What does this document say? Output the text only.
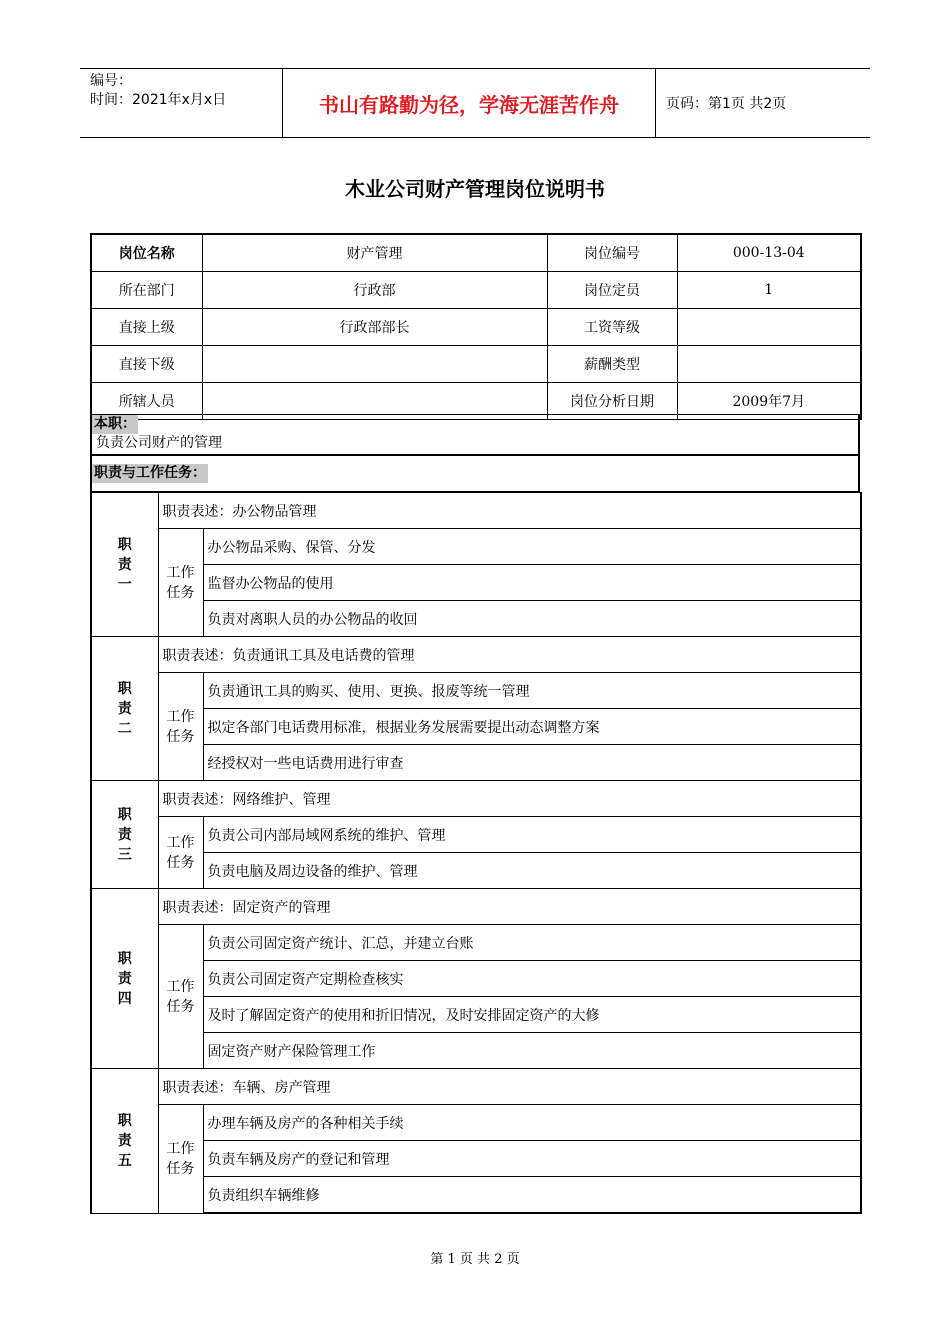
编号：
时间：2021年x月x日	书山有路勤为径，学海无涯苦作舟	页码：第1页 共2页
木业公司财产管理岗位说明书
岗位名称	财产管理	岗位编号	000-13-04
所在部门	行政部	岗位定员	1
直接上级	行政部部长	工资等级	
直接下级		薪酬类型	
所辖人员		岗位分析日期	2009年7月
本职：
负责公司财产的管理
职责与工作任务：
职
责
一	职责表述：办公物品管理	

	工作
任务	办公物品采购、保管、分发
		监督办公物品的使用
		负责对离职人员的办公物品的收回
职
责
二	职责表述：负责通讯工具及电话费的管理	

	工作
任务	负责通讯工具的购买、使用、更换、报废等统一管理
		拟定各部门电话费用标准，根据业务发展需要提出动态调整方案
		经授权对一些电话费用进行审查
职
责
三	职责表述：网络维护、管理	

	工作
任务	负责公司内部局域网系统的维护、管理
		负责电脑及周边设备的维护、管理
职
责
四	职责表述：固定资产的管理	

	工作
任务	负责公司固定资产统计、汇总，并建立台账
		负责公司固定资产定期检查核实
		及时了解固定资产的使用和折旧情况，及时安排固定资产的大修
		固定资产财产保险管理工作
职
责
五	职责表述：车辆、房产管理	

	工作
任务	办理车辆及房产的各种相关手续
		负责车辆及房产的登记和管理
		负责组织车辆维修
第 1 页 共 2 页
